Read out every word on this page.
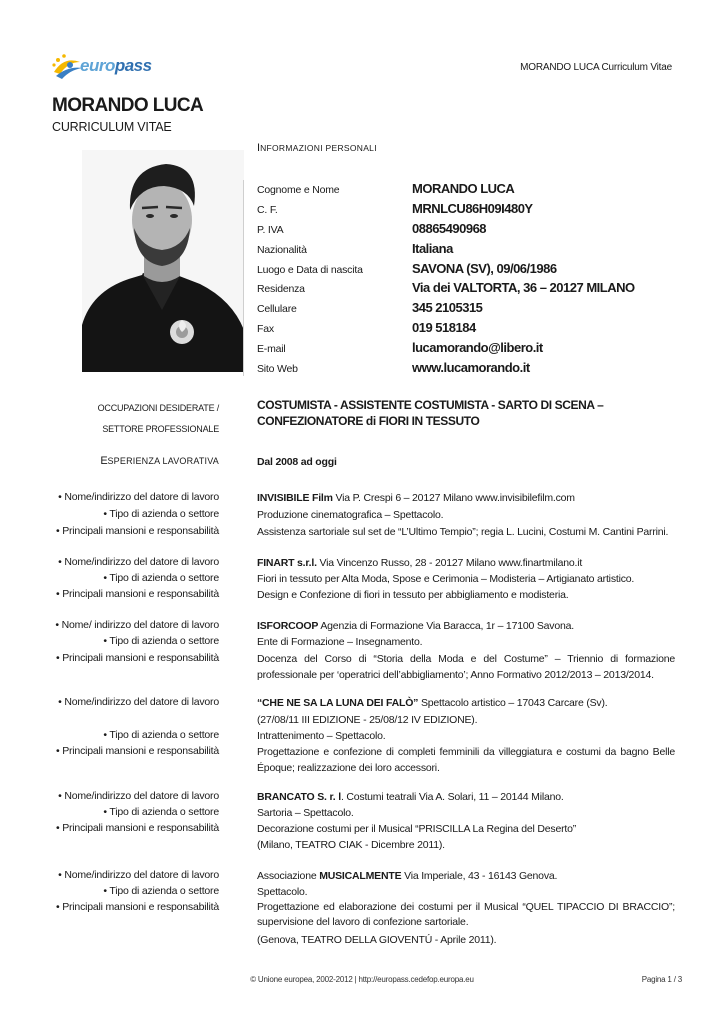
europass	MORANDO LUCA Curriculum Vitae
MORANDO LUCA
CURRICULUM VITAE
INFORMAZIONI PERSONALI
Cognome e Nome	MORANDO LUCA
C. F.	MRNLCU86H09I480Y
P. IVA	08865490968
Nazionalità	Italiana
Luogo e Data di nascita	SAVONA (SV), 09/06/1986
Residenza	Via dei VALTORTA, 36 – 20127 MILANO
Cellulare	345 2105315
Fax	019 518184
E-mail	lucamorando@libero.it
Sito Web	www.lucamorando.it
OCCUPAZIONI DESIDERATE /
SETTORE PROFESSIONALE
COSTUMISTA - ASSISTENTE COSTUMISTA - SARTO DI SCENA – CONFEZIONATORE di FIORI IN TESSUTO
ESPERIENZA LAVORATIVA	Dal 2008 ad oggi
• Nome/indirizzo del datore di lavoro	INVISIBILE Film Via P. Crespi 6 – 20127 Milano www.invisibilefilm.com
• Tipo di azienda o settore	Produzione cinematografica – Spettacolo.
• Principali mansioni e responsabilità	Assistenza sartoriale sul set de “L’Ultimo Tempio”; regia L. Lucini, Costumi M. Cantini Parrini.
• Nome/indirizzo del datore di lavoro	FINART s.r.l. Via Vincenzo Russo, 28 - 20127 Milano www.finartmilano.it
• Tipo di azienda o settore	Fiori in tessuto per Alta Moda, Spose e Cerimonia – Modisteria – Artigianato artistico.
• Principali mansioni e responsabilità	Design e Confezione di fiori in tessuto per abbigliamento e modisteria.
• Nome/ indirizzo del datore di lavoro	ISFORCOOP Agenzia di Formazione Via Baracca, 1r – 17100 Savona.
• Tipo di azienda o settore	Ente di Formazione – Insegnamento.
• Principali mansioni e responsabilità	Docenza del Corso di “Storia della Moda e del Costume” – Triennio di formazione professionale per ‘operatrici dell’abbigliamento’; Anno Formativo 2012/2013 – 2013/2014.
• Nome/indirizzo del datore di lavoro	“CHE NE SA LA LUNA DEI FALÒ” Spettacolo artistico – 17043 Carcare (Sv).
(27/08/11 III EDIZIONE - 25/08/12 IV EDIZIONE).
• Tipo di azienda o settore	Intrattenimento – Spettacolo.
• Principali mansioni e responsabilità	Progettazione e confezione di completi femminili da villeggiatura e costumi da bagno Belle Époque; realizzazione dei loro accessori.
• Nome/indirizzo del datore di lavoro	BRANCATO S. r. l. Costumi teatrali Via A. Solari, 11 – 20144 Milano.
• Tipo di azienda o settore	Sartoria – Spettacolo.
• Principali mansioni e responsabilità	Decorazione costumi per il Musical “PRISCILLA La Regina del Deserto”
(Milano, TEATRO CIAK - Dicembre 2011).
• Nome/indirizzo del datore di lavoro	Associazione MUSICALMENTE Via Imperiale, 43 - 16143 Genova.
• Tipo di azienda o settore	Spettacolo.
• Principali mansioni e responsabilità	Progettazione ed elaborazione dei costumi per il Musical “QUEL TIPACCIO DI BRACCIO”; supervisione del lavoro di confezione sartoriale.
(Genova, TEATRO DELLA GIOVENTÚ - Aprile 2011).
© Unione europea, 2002-2012 | http://europass.cedefop.europa.eu	Pagina 1 / 3
